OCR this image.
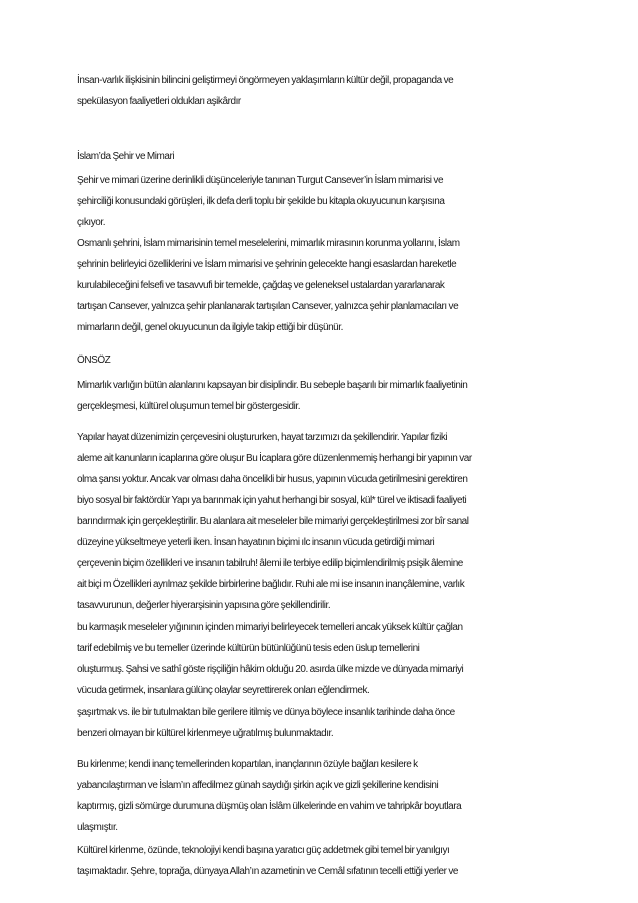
İnsan-varlık ilişkisinin bilincini geliştirmeyi öngörmeyen yaklaşımların kültür değil, propaganda ve

spekülasyon faaliyetleri oldukları aşikârdır

İslam’da Şehir ve Mimari

Şehir ve mimari üzerine derinlikli düşünceleriyle tanınan Turgut Cansever’in İslam mimarisi ve

şehirciliği konusundaki görüşleri, ilk defa derli toplu bir şekilde bu kitapla okuyucunun karşısına

çıkıyor.

Osmanlı şehrini, İslam mimarisinin temel meselelerini, mimarlık mirasının korunma yollarını, İslam

şehrinin belirleyici özelliklerini ve İslam mimarisi ve şehrinin gelecekte hangi esaslardan hareketle

kurulabileceğini felsefi ve tasavvufi bir temelde, çağdaş ve geleneksel ustalardan yararlanarak

tartışan Cansever, yalnızca şehir planlanarak tartışılan Cansever, yalnızca şehir planlamacıları ve

mimarların değil, genel okuyucunun da ilgiyle takip ettiği bir düşünür.

ÖNSÖZ

Mimarlık varlığın bütün alanlarını kapsayan bir disiplindir. Bu sebeple başarılı bir mimarlık faaliyetinin

gerçekleşmesi, kültürel oluşumun temel bir göstergesidir.

Yapılar hayat düzenimizin çerçevesini oluştururken, hayat tarzımızı da şekillendirir. Yapılar fiziki

aleme ait kanunların icaplarına göre oluşur Bu İcaplara göre düzenlenmemiş herhangi bir yapının var

olma şansı yoktur. Ancak var olması daha öncelikli bir husus, yapının vücuda getirilmesini gerektiren

biyo sosyal bir faktördür Yapı ya barınmak için yahut herhangi bir sosyal, kül* türel ve iktisadi faaliyeti

barındırmak için gerçekleştirilir. Bu alanlara ait meseleler bile mimariyi gerçekleştirilmesi zor bîr sanal

düzeyine yükseltmeye yeterli iken. İnsan hayatının biçimi ılc insanın vücuda getirdiği mimari

çerçevenin biçim özellikleri ve insanın tabilruh! âlemi ile terbiye edilip biçimlendirilmiş psişik âlemine

ait biçi m Özellikleri ayrılmaz şekilde birbirlerine bağlıdır. Ruhi ale mi ise insanın inançâlemine, varlık

tasavvurunun, değerler hiyerarşisinin yapısına göre şekillendirilir.

bu karmaşık meseleler yığınının içinden mimariyi belirleyecek temelleri ancak yüksek kültür çağlan

tarif edebilmiş ve bu temeller üzerinde kültürün bütünlüğünü tesis eden üslup temellerini

oluşturmuş. Şahsi ve sathî göste rişçiliğin hâkim olduğu 20. asırda ülke mizde ve dünyada mimariyi

vücuda getirmek, insanlara gülünç olaylar seyrettirerek onları eğlendirmek.

şaşırtmak vs. ile bir tutulmaktan bile gerilere itilmiş ve dünya böylece insanlık tarihinde daha önce

benzeri olmayan bir kültürel kirlenmeye uğratılmış bulunmaktadır.

Bu kirlenme; kendi inanç temellerinden kopartılan, inançlarının özüyle bağları kesilere k

yabancılaştırman ve İslam’ın affedilmez günah saydığı şirkin açık ve gizli şekillerine kendisini

kaptırmış, gizli sömürge durumuna düşmüş olan İslâm ülkelerinde en vahim ve tahripkâr boyutlara

ulaşmıştır.

Kültürel kirlenme, özünde, teknolojiyi kendi başına yaratıcı güç addetmek gibi temel bir yanılgıyı

taşımaktadır. Şehre, toprağa, dünyaya Allah’ın azametinin ve Cemâl sıfatının tecelli ettiği yerler ve
